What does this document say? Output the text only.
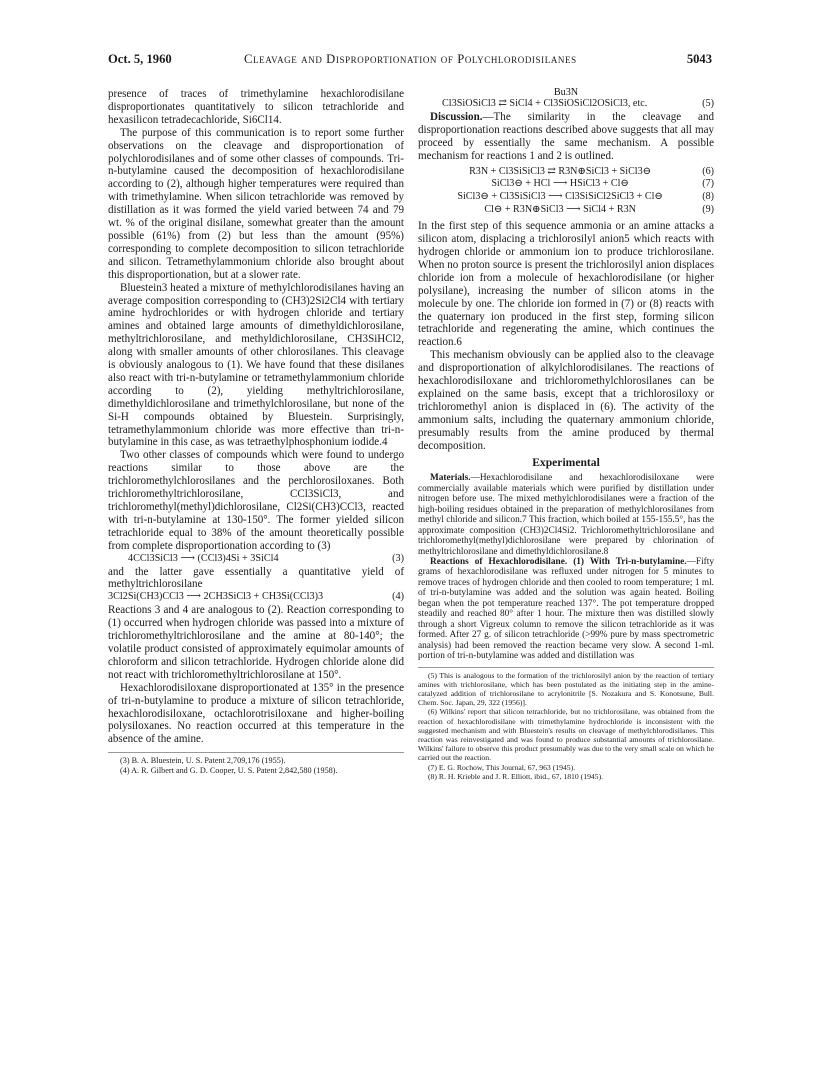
Oct. 5, 1960	Cleavage and Disproportionation of Polychlorodisilanes	5043

presence of traces of trimethylamine hexachlorodisilane disproportionates quantitatively to silicon tetrachloride and hexasilicon tetradecachloride, Si6Cl14.

The purpose of this communication is to report some further observations on the cleavage and disproportionation of polychlorodisilanes and of some other classes of compounds. Tri-n-butylamine caused the decomposition of hexachlorodisilane according to (2), although higher temperatures were required than with trimethylamine. When silicon tetrachloride was removed by distillation as it was formed the yield varied between 74 and 79 wt. % of the original disilane, somewhat greater than the amount possible (61%) from (2) but less than the amount (95%) corresponding to complete decomposition to silicon tetrachloride and silicon. Tetramethylammonium chloride also brought about this disproportionation, but at a slower rate.

Bluestein3 heated a mixture of methylchlorodisilanes having an average composition corresponding to (CH3)2Si2Cl4 with tertiary amine hydrochlorides or with hydrogen chloride and tertiary amines and obtained large amounts of dimethyldichlorosilane, methyltrichlorosilane, and methyldichlorosilane, CH3SiHCl2, along with smaller amounts of other chlorosilanes. This cleavage is obviously analogous to (1). We have found that these disilanes also react with tri-n-butylamine or tetramethylammonium chloride according to (2), yielding methyltrichlorosilane, dimethyldichlorosilane and trimethylchlorosilane, but none of the Si-H compounds obtained by Bluestein. Surprisingly, tetramethylammonium chloride was more effective than tri-n-butylamine in this case, as was tetraethylphosphonium iodide.4

Two other classes of compounds which were found to undergo reactions similar to those above are the trichloromethylchlorosilanes and the perchlorosiloxanes. Both trichloromethyltrichlorosilane, CCl3SiCl3, and trichloromethyl(methyl)dichlorosilane, Cl2Si(CH3)CCl3, reacted with tri-n-butylamine at 130-150°. The former yielded silicon tetrachloride equal to 38% of the amount theoretically possible from complete disproportionation according to (3)

4CCl3SiCl3 ⟶ (CCl3)4Si + 3SiCl4	(3)

and the latter gave essentially a quantitative yield of methyltrichlorosilane

3Cl2Si(CH3)CCl3 ⟶ 2CH3SiCl3 + CH3Si(CCl3)3	(4)

Reactions 3 and 4 are analogous to (2). Reaction corresponding to (1) occurred when hydrogen chloride was passed into a mixture of trichloromethyltrichlorosilane and the amine at 80-140°; the volatile product consisted of approximately equimolar amounts of chloroform and silicon tetrachloride. Hydrogen chloride alone did not react with trichloromethyltrichlorosilane at 150°.

Hexachlorodisiloxane disproportionated at 135° in the presence of tri-n-butylamine to produce a mixture of silicon tetrachloride, hexachlorodisiloxane, octachlorotrisiloxane and higher-boiling polysiloxanes. No reaction occurred at this temperature in the absence of the amine.

(3) B. A. Bluestein, U. S. Patent 2,709,176 (1955).

(4) A. R. Gilbert and G. D. Cooper, U. S. Patent 2,842,580 (1958).

Bu3N
Cl3SiOSiCl3 ⇄ SiCl4 + Cl3SiOSiCl2OSiCl3, etc.	(5)

Discussion.—The similarity in the cleavage and disproportionation reactions described above suggests that all may proceed by essentially the same mechanism. A possible mechanism for reactions 1 and 2 is outlined.

R3N + Cl3SiSiCl3 ⇄ R3N⊕SiCl3 + SiCl3⊖	(6)
SiCl3⊖ + HCl ⟶ HSiCl3 + Cl⊖	(7)
SiCl3⊖ + Cl3SiSiCl3 ⟶ Cl3SiSiCl2SiCl3 + Cl⊖	(8)
Cl⊖ + R3N⊕SiCl3 ⟶ SiCl4 + R3N	(9)

In the first step of this sequence ammonia or an amine attacks a silicon atom, displacing a trichlorosilyl anion5 which reacts with hydrogen chloride or ammonium ion to produce trichlorosilane. When no proton source is present the trichlorosilyl anion displaces chloride ion from a molecule of hexachlorodisilane (or higher polysilane), increasing the number of silicon atoms in the molecule by one. The chloride ion formed in (7) or (8) reacts with the quaternary ion produced in the first step, forming silicon tetrachloride and regenerating the amine, which continues the reaction.6

This mechanism obviously can be applied also to the cleavage and disproportionation of alkylchlorodisilanes. The reactions of hexachlorodisiloxane and trichloromethylchlorosilanes can be explained on the same basis, except that a trichlorosiloxy or trichloromethyl anion is displaced in (6). The activity of the ammonium salts, including the quaternary ammonium chloride, presumably results from the amine produced by thermal decomposition.

Experimental

Materials.—Hexachlorodisilane and hexachlorodisiloxane were commercially available materials which were purified by distillation under nitrogen before use. The mixed methylchlorodisilanes were a fraction of the high-boiling residues obtained in the preparation of methylchlorosilanes from methyl chloride and silicon.7 This fraction, which boiled at 155-155.5°, has the approximate composition (CH3)2Cl4Si2. Trichloromethyltrichlorosilane and trichloromethyl(methyl)dichlorosilane were prepared by chlorination of methyltrichlorosilane and dimethyldichlorosilane.8

Reactions of Hexachlorodisilane. (1) With Tri-n-butylamine.—Fifty grams of hexachlorodisilane was refluxed under nitrogen for 5 minutes to remove traces of hydrogen chloride and then cooled to room temperature; 1 ml. of tri-n-butylamine was added and the solution was again heated. Boiling began when the pot temperature reached 137°. The pot temperature dropped steadily and reached 80° after 1 hour. The mixture then was distilled slowly through a short Vigreux column to remove the silicon tetrachloride as it was formed. After 27 g. of silicon tetrachloride (>99% pure by mass spectrometric analysis) had been removed the reaction became very slow. A second 1-ml. portion of tri-n-butylamine was added and distillation was

(5) This is analogous to the formation of the trichlorosilyl anion by the reaction of tertiary amines with trichlorosilane, which has been postulated as the initiating step in the amine-catalyzed addition of trichlorosilane to acrylonitrile [S. Nozakura and S. Konotsune, Bull. Chem. Soc. Japan, 29, 322 (1956)].

(6) Wilkins' report that silicon tetrachloride, but no trichlorosilane, was obtained from the reaction of hexachlorodisilane with trimethylamine hydrochloride is inconsistent with the suggested mechanism and with Bluestein's results on cleavage of methylchlorodisilanes. This reaction was reinvestigated and was found to produce substantial amounts of trichlorosilane. Wilkins' failure to observe this product presumably was due to the very small scale on which he carried out the reaction.

(7) E. G. Rochow, This Journal, 67, 963 (1945).

(8) R. H. Krieble and J. R. Elliott, ibid., 67, 1810 (1945).
